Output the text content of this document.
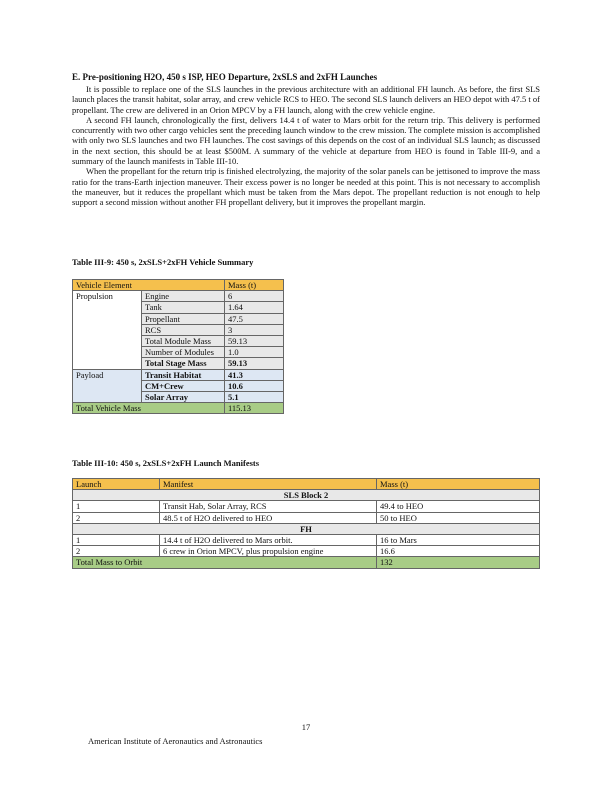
E. Pre-positioning H2O, 450 s ISP, HEO Departure, 2xSLS and 2xFH Launches

It is possible to replace one of the SLS launches in the previous architecture with an additional FH launch. As before, the first SLS launch places the transit habitat, solar array, and crew vehicle RCS to HEO. The second SLS launch delivers an HEO depot with 47.5 t of propellant. The crew are delivered in an Orion MPCV by a FH launch, along with the crew vehicle engine.

A second FH launch, chronologically the first, delivers 14.4 t of water to Mars orbit for the return trip. This delivery is performed concurrently with two other cargo vehicles sent the preceding launch window to the crew mission. The complete mission is accomplished with only two SLS launches and two FH launches. The cost savings of this depends on the cost of an individual SLS launch; as discussed in the next section, this should be at least $500M. A summary of the vehicle at departure from HEO is found in Table III-9, and a summary of the launch manifests in Table III-10.

When the propellant for the return trip is finished electrolyzing, the majority of the solar panels can be jettisoned to improve the mass ratio for the trans-Earth injection maneuver. Their excess power is no longer be needed at this point. This is not necessary to accomplish the maneuver, but it reduces the propellant which must be taken from the Mars depot. The propellant reduction is not enough to help support a second mission without another FH propellant delivery, but it improves the propellant margin.

Table III-9: 450 s, 2xSLS+2xFH Vehicle Summary

Vehicle Element		Mass (t)
Propulsion	Engine	6
	Tank	1.64
	Propellant	47.5
	RCS	3
	Total Module Mass	59.13
	Number of Modules	1.0
	Total Stage Mass	59.13
Payload	Transit Habitat	41.3
	CM+Crew	10.6
	Solar Array	5.1
Total Vehicle Mass		115.13

Table III-10: 450 s, 2xSLS+2xFH Launch Manifests

Launch	Manifest	Mass (t)
SLS Block 2		
1	Transit Hab, Solar Array, RCS	49.4 to HEO
2	48.5 t of H2O delivered to HEO	50 to HEO
FH		
1	14.4 t of H2O delivered to Mars orbit.	16 to Mars
2	6 crew in Orion MPCV, plus propulsion engine	16.6
Total Mass to Orbit		132
17
American Institute of Aeronautics and Astronautics
